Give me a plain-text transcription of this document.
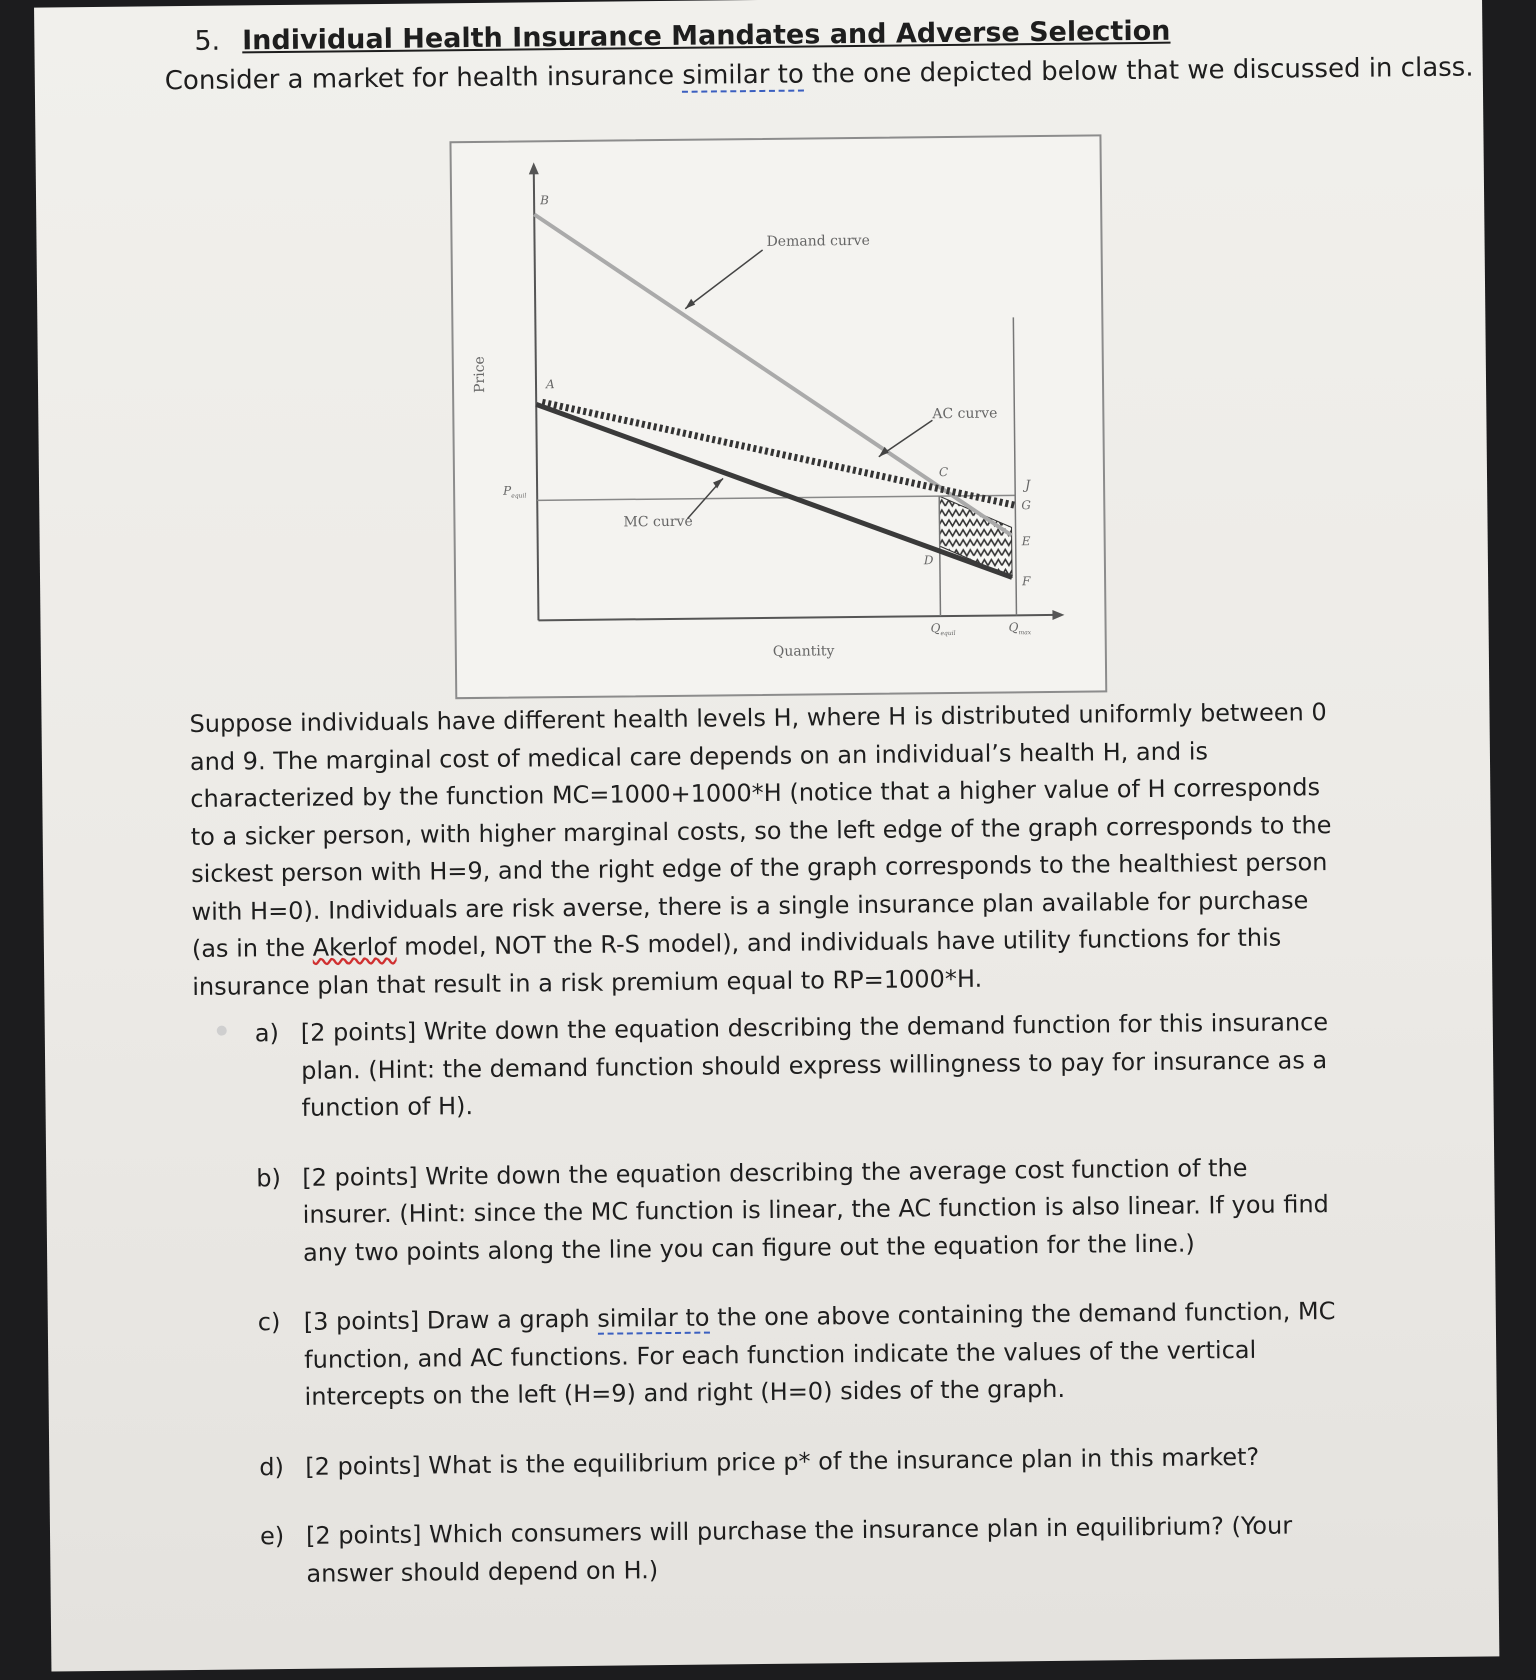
5. Individual Health Insurance Mandates and Adverse Selection
Consider a market for health insurance similar to the one depicted below that we discussed in class.
Price
Quantity
Demand curve
AC curve
MC curve
B
A
C
D
E
F
G
J
$P_{equil}$
$Q_{equil}$	$Q_{max}$
Suppose individuals have different health levels H, where H is distributed uniformly between 0 and 9. The marginal cost of medical care depends on an individual’s health H, and is characterized by the function MC=1000+1000*H (notice that a higher value of H corresponds to a sicker person, with higher marginal costs, so the left edge of the graph corresponds to the sickest person with H=9, and the right edge of the graph corresponds to the healthiest person with H=0). Individuals are risk averse, there is a single insurance plan available for purchase (as in the Akerlof model, NOT the R-S model), and individuals have utility functions for this insurance plan that result in a risk premium equal to RP=1000*H.
a) [2 points] Write down the equation describing the demand function for this insurance plan. (Hint: the demand function should express willingness to pay for insurance as a function of H).
b) [2 points] Write down the equation describing the average cost function of the insurer. (Hint: since the MC function is linear, the AC function is also linear. If you find any two points along the line you can figure out the equation for the line.)
c) [3 points] Draw a graph similar to the one above containing the demand function, MC function, and AC functions. For each function indicate the values of the vertical intercepts on the left (H=9) and right (H=0) sides of the graph.
d) [2 points] What is the equilibrium price p* of the insurance plan in this market?
e) [2 points] Which consumers will purchase the insurance plan in equilibrium? (Your answer should depend on H.)
